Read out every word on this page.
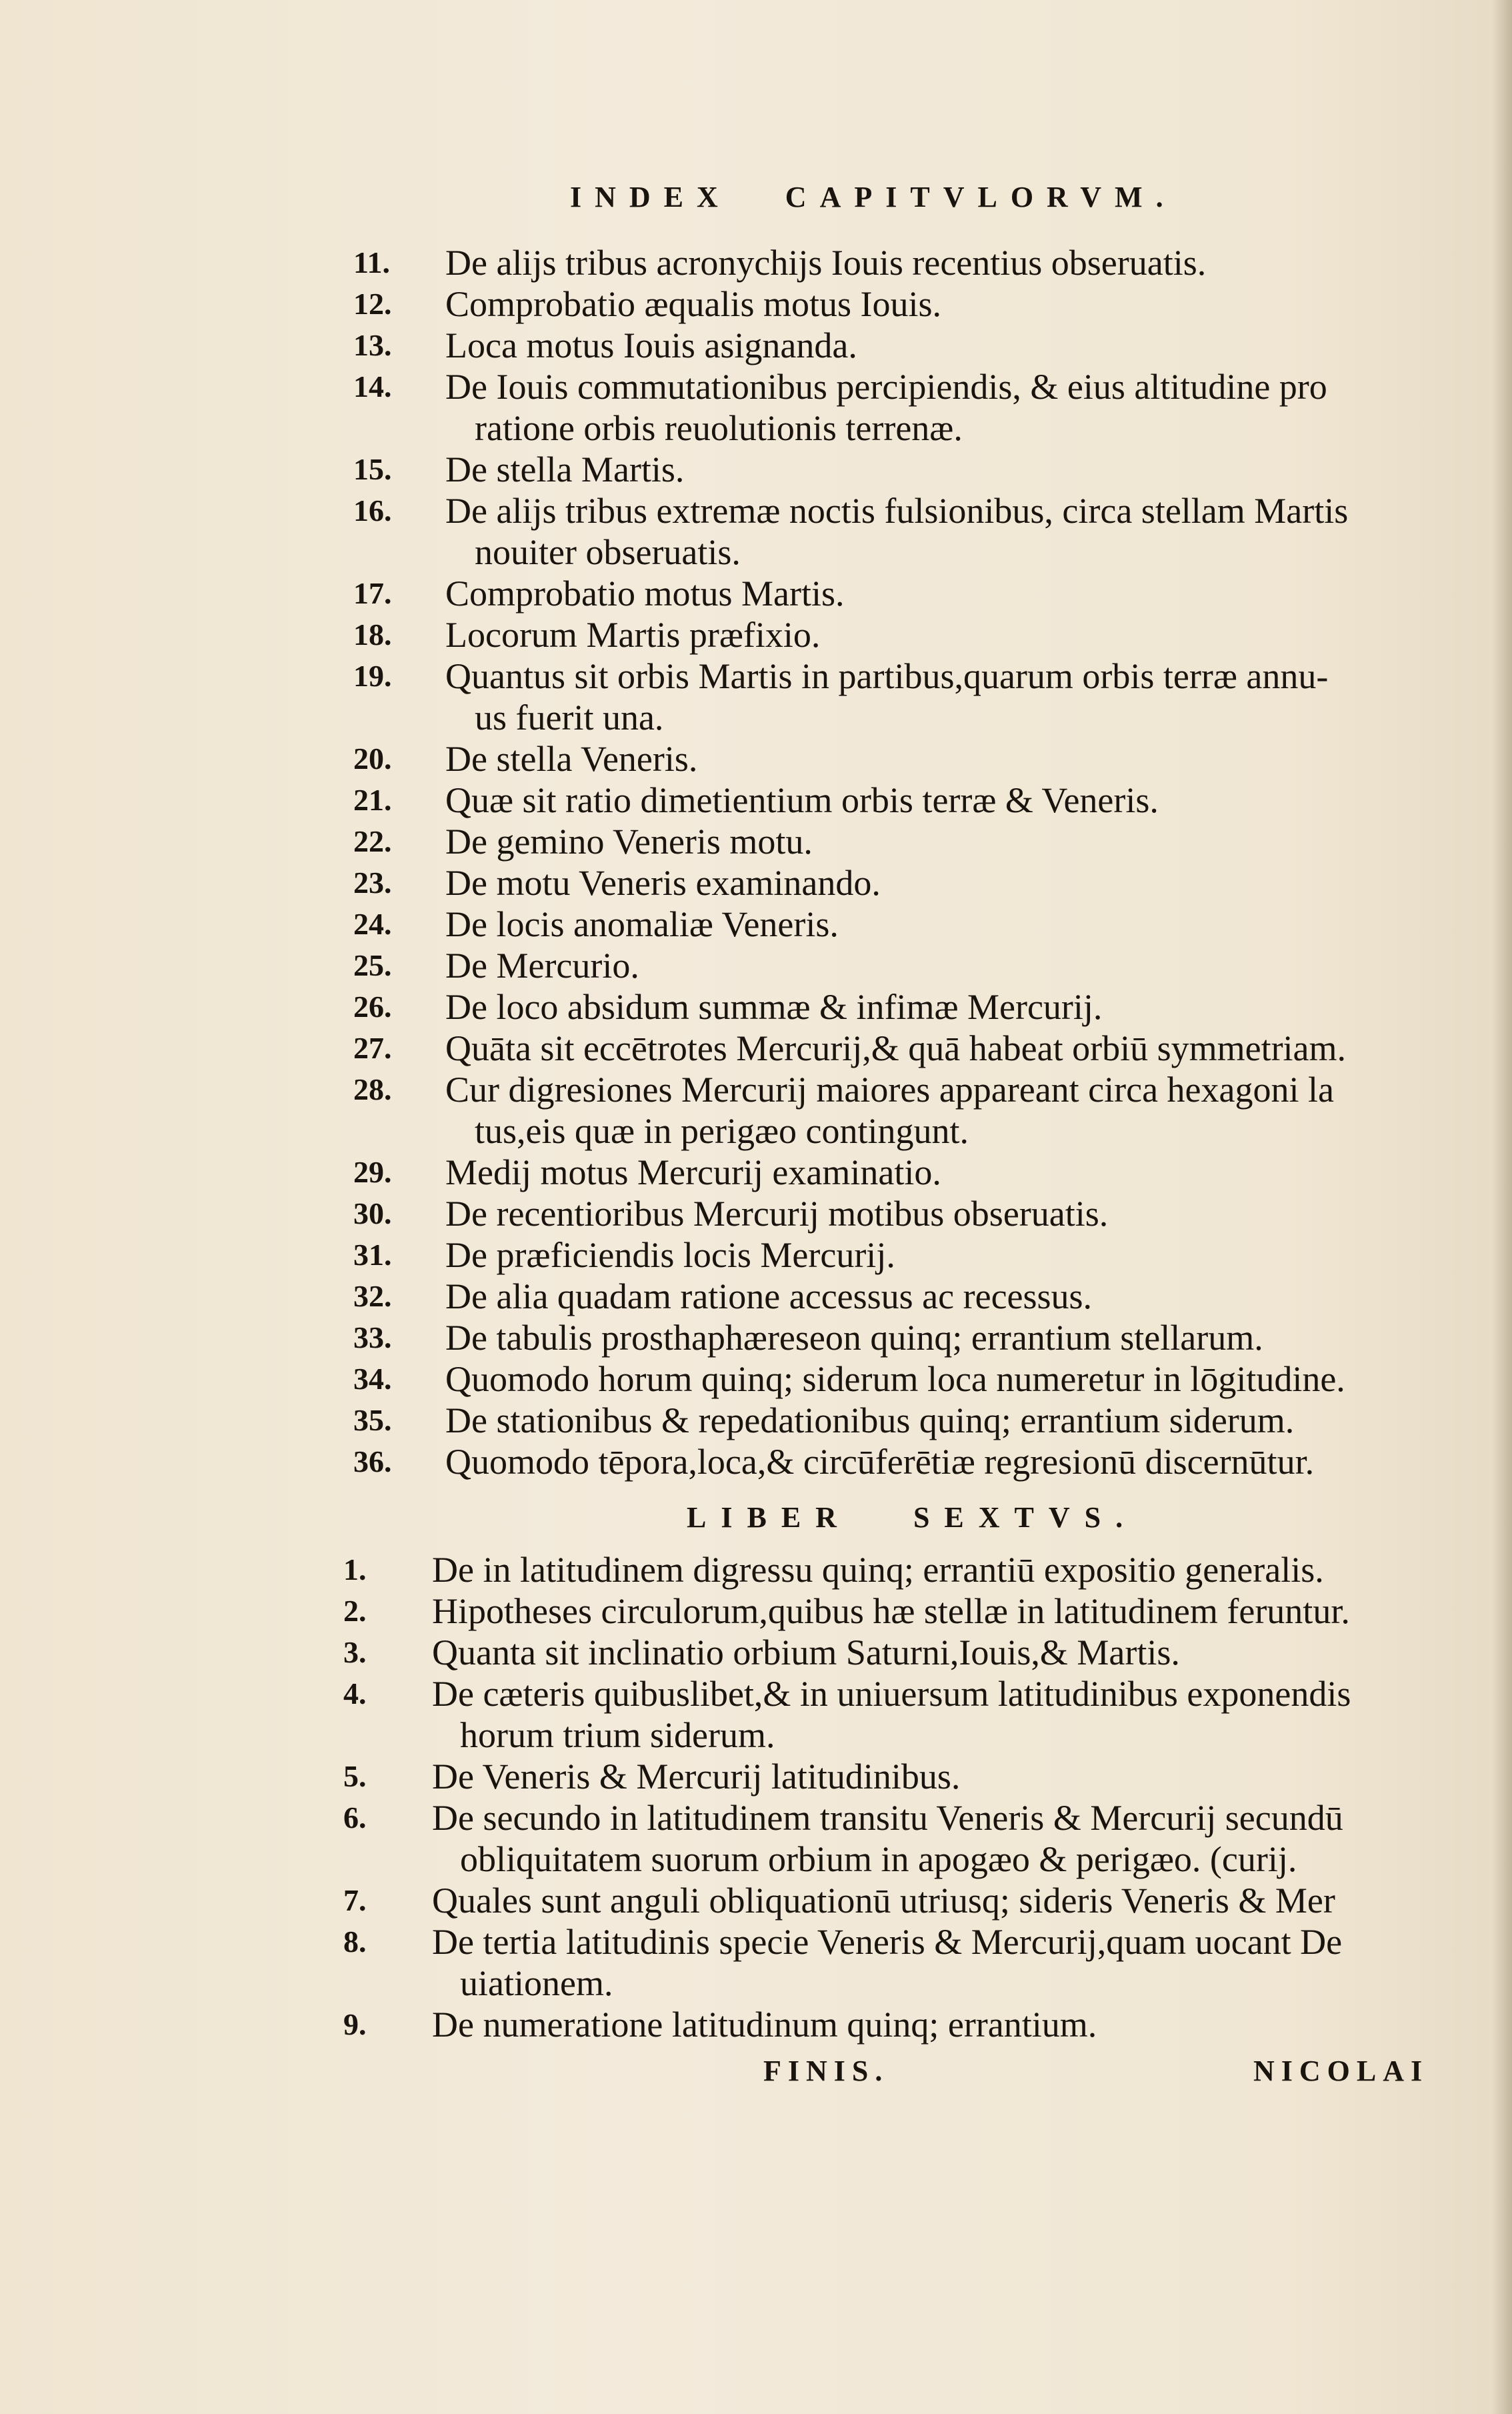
INDEX CAPITVLORVM.
11.	De alijs tribus acronychijs Iouis recentius obseruatis.
12.	Comprobatio æqualis motus Iouis.
13.	Loca motus Iouis asignanda.
14.	De Iouis commutationibus percipiendis, & eius altitudine pro
ratione orbis reuolutionis terrenæ.
15.	De stella Martis.
16.	De alijs tribus extremæ noctis fulsionibus, circa stellam Martis
nouiter obseruatis.
17.	Comprobatio motus Martis.
18.	Locorum Martis præfixio.
19.	Quantus sit orbis Martis in partibus,quarum orbis terræ annu-
us fuerit una.
20.	De stella Veneris.
21.	Quæ sit ratio dimetientium orbis terræ & Veneris.
22.	De gemino Veneris motu.
23.	De motu Veneris examinando.
24.	De locis anomaliæ Veneris.
25.	De Mercurio.
26.	De loco absidum summæ & infimæ Mercurij.
27.	Quāta sit eccētrotes Mercurij,& quā habeat orbiū symmetriam.
28.	Cur digresiones Mercurij maiores appareant circa hexagoni la
tus,eis quæ in perigæo contingunt.
29.	Medij motus Mercurij examinatio.
30.	De recentioribus Mercurij motibus obseruatis.
31.	De præficiendis locis Mercurij.
32.	De alia quadam ratione accessus ac recessus.
33.	De tabulis prosthaphæreseon quinq; errantium stellarum.
34.	Quomodo horum quinq; siderum loca numeretur in lōgitudine.
35.	De stationibus & repedationibus quinq; errantium siderum.
36.	Quomodo tēpora,loca,& circūferētiæ regresionū discernūtur.
LIBER SEXTVS.
1.	De in latitudinem digressu quinq; errantiū expositio generalis.
2.	Hipotheses circulorum,quibus hæ stellæ in latitudinem feruntur.
3.	Quanta sit inclinatio orbium Saturni,Iouis,& Martis.
4.	De cæteris quibuslibet,& in uniuersum latitudinibus exponendis
horum trium siderum.
5.	De Veneris & Mercurij latitudinibus.
6.	De secundo in latitudinem transitu Veneris & Mercurij secundū
obliquitatem suorum orbium in apogæo & perigæo. (curij.
7.	Quales sunt anguli obliquationū utriusq; sideris Veneris & Mer
8.	De tertia latitudinis specie Veneris & Mercurij,quam uocant De
uiationem.
9.	De numeratione latitudinum quinq; errantium.
FINIS.	NICOLAI
